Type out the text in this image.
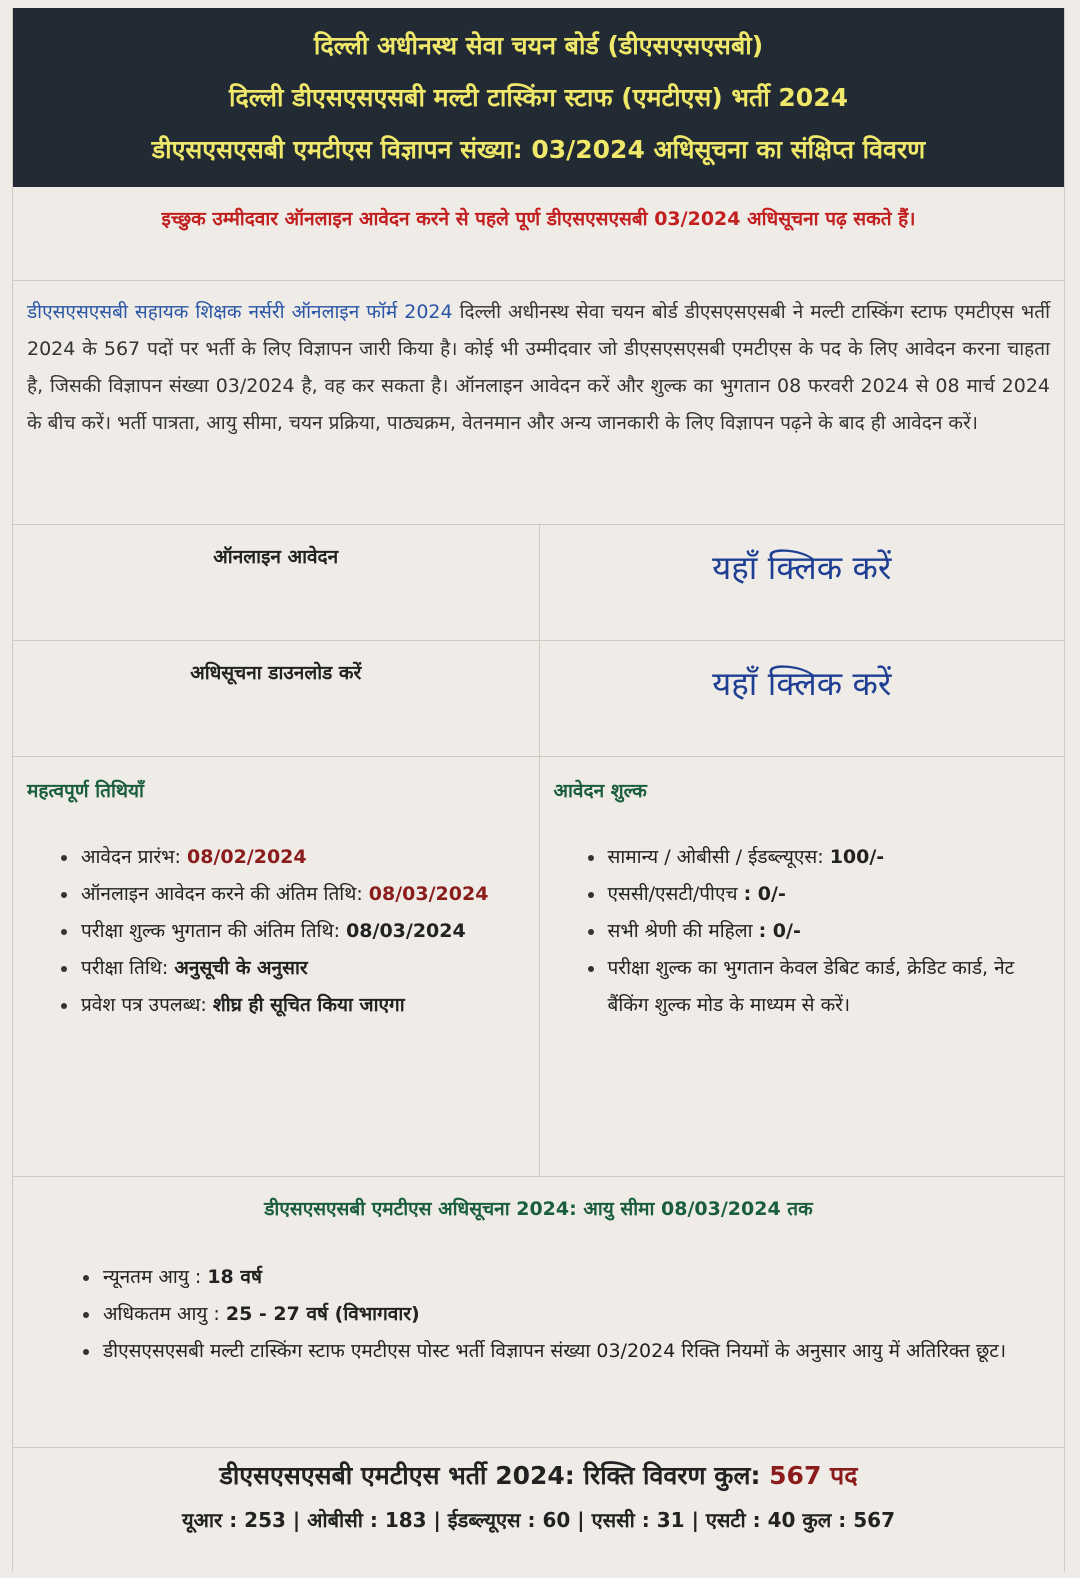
दिल्ली अधीनस्थ सेवा चयन बोर्ड (डीएसएसएसबी)
दिल्ली डीएसएसएसबी मल्टी टास्किंग स्टाफ (एमटीएस) भर्ती 2024
डीएसएसएसबी एमटीएस विज्ञापन संख्या: 03/2024 अधिसूचना का संक्षिप्त विवरण
इच्छुक उम्मीदवार ऑनलाइन आवेदन करने से पहले पूर्ण डीएसएसएसबी 03/2024 अधिसूचना पढ़ सकते हैं।
डीएसएसएसबी सहायक शिक्षक नर्सरी ऑनलाइन फॉर्म 2024 दिल्ली अधीनस्थ सेवा चयन बोर्ड डीएसएसएसबी ने मल्टी टास्किंग स्टाफ एमटीएस भर्ती 2024 के 567 पदों पर भर्ती के लिए विज्ञापन जारी किया है। कोई भी उम्मीदवार जो डीएसएसएसबी एमटीएस के पद के लिए आवेदन करना चाहता है, जिसकी विज्ञापन संख्या 03/2024 है, वह कर सकता है। ऑनलाइन आवेदन करें और शुल्क का भुगतान 08 फरवरी 2024 से 08 मार्च 2024 के बीच करें। भर्ती पात्रता, आयु सीमा, चयन प्रक्रिया, पाठ्यक्रम, वेतनमान और अन्य जानकारी के लिए विज्ञापन पढ़ने के बाद ही आवेदन करें।
ऑनलाइन आवेदन	यहाँ क्लिक करें
अधिसूचना डाउनलोड करें	यहाँ क्लिक करें
महत्वपूर्ण तिथियाँ
आवेदन प्रारंभ: 08/02/2024
ऑनलाइन आवेदन करने की अंतिम तिथि: 08/03/2024
परीक्षा शुल्क भुगतान की अंतिम तिथि: 08/03/2024
परीक्षा तिथि: अनुसूची के अनुसार
प्रवेश पत्र उपलब्ध: शीघ्र ही सूचित किया जाएगा
आवेदन शुल्क
सामान्य / ओबीसी / ईडब्ल्यूएस: 100/-
एससी/एसटी/पीएच : 0/-
सभी श्रेणी की महिला : 0/-
परीक्षा शुल्क का भुगतान केवल डेबिट कार्ड, क्रेडिट कार्ड, नेट बैंकिंग शुल्क मोड के माध्यम से करें।
डीएसएसएसबी एमटीएस अधिसूचना 2024: आयु सीमा 08/03/2024 तक
न्यूनतम आयु : 18 वर्ष
अधिकतम आयु : 25 - 27 वर्ष (विभागवार)
डीएसएसएसबी मल्टी टास्किंग स्टाफ एमटीएस पोस्ट भर्ती विज्ञापन संख्या 03/2024 रिक्ति नियमों के अनुसार आयु में अतिरिक्त छूट।
डीएसएसएसबी एमटीएस भर्ती 2024: रिक्ति विवरण कुल: 567 पद
यूआर : 253 | ओबीसी : 183 | ईडब्ल्यूएस : 60 | एससी : 31 | एसटी : 40 कुल : 567
